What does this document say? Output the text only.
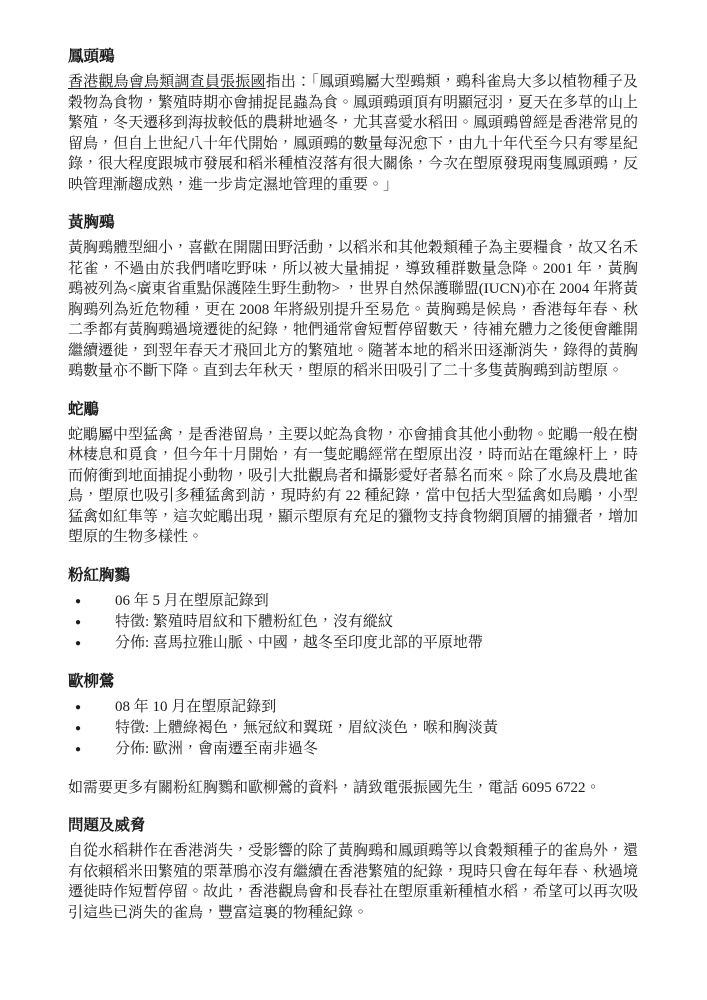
鳳頭鵐

香港觀鳥會鳥類調查員張振國指出：「鳳頭鵐屬大型鵐類，鵐科雀鳥大多以植物種子及穀物為食物，繁殖時期亦會捕捉昆蟲為食。鳳頭鵐頭頂有明顯冠羽，夏天在多草的山上繁殖，冬天遷移到海拔較低的農耕地過冬，尤其喜愛水稻田。鳳頭鵐曾經是香港常見的留鳥，但自上世紀八十年代開始，鳳頭鵐的數量每況愈下，由九十年代至今只有零星紀錄，很大程度跟城市發展和稻米種植沒落有很大關係，今次在塱原發現兩隻鳳頭鵐，反映管理漸趨成熟，進一步肯定濕地管理的重要。」

黃胸鵐

黃胸鵐體型細小，喜歡在開闊田野活動，以稻米和其他穀類種子為主要糧食，故又名禾花雀，不過由於我們嗜吃野味，所以被大量捕捉，導致種群數量急降。2001 年，黃胸鵐被列為<廣東省重點保護陸生野生動物> ，世界自然保護聯盟(IUCN)亦在 2004 年將黃胸鵐列為近危物種，更在 2008 年將級別提升至易危。黃胸鵐是候鳥，香港每年春、秋二季都有黃胸鵐過境遷徙的紀錄，牠們通常會短暫停留數天，待補充體力之後便會離開繼續遷徙，到翌年春天才飛回北方的繁殖地。隨著本地的稻米田逐漸消失，錄得的黃胸鵐數量亦不斷下降。直到去年秋天，塱原的稻米田吸引了二十多隻黃胸鵐到訪塱原。

蛇鵰

蛇鵰屬中型猛禽，是香港留鳥，主要以蛇為食物，亦會捕食其他小動物。蛇鵰一般在樹林棲息和覓食，但今年十月開始，有一隻蛇鵰經常在塱原出沒，時而站在電線杆上，時而俯衝到地面捕捉小動物，吸引大批觀鳥者和攝影愛好者慕名而來。除了水鳥及農地雀鳥，塱原也吸引多種猛禽到訪，現時約有 22 種紀錄，當中包括大型猛禽如烏鵰，小型猛禽如紅隼等，這次蛇鵰出現，顯示塱原有充足的獵物支持食物網頂層的捕獵者，增加塱原的生物多樣性。

粉紅胸鷚
● 06 年 5 月在塱原記錄到
● 特徵: 繁殖時眉紋和下體粉紅色，沒有縱紋
● 分佈: 喜馬拉雅山脈、中國，越冬至印度北部的平原地帶
歐柳鶯
● 08 年 10 月在塱原記錄到
● 特徵: 上體綠褐色，無冠紋和翼斑，眉紋淡色，喉和胸淡黃
● 分佈: 歐洲，會南遷至南非過冬

如需要更多有關粉紅胸鷚和歐柳鶯的資料，請致電張振國先生，電話 6095 6722。

問題及威脅

自從水稻耕作在香港消失，受影響的除了黃胸鵐和鳳頭鵐等以食穀類種子的雀鳥外，還有依賴稻米田繁殖的栗葦鳽亦沒有繼續在香港繁殖的紀錄，現時只會在每年春、秋過境遷徙時作短暫停留。故此，香港觀鳥會和長春社在塱原重新種植水稻，希望可以再次吸引這些已消失的雀鳥，豐富這裏的物種紀錄。
